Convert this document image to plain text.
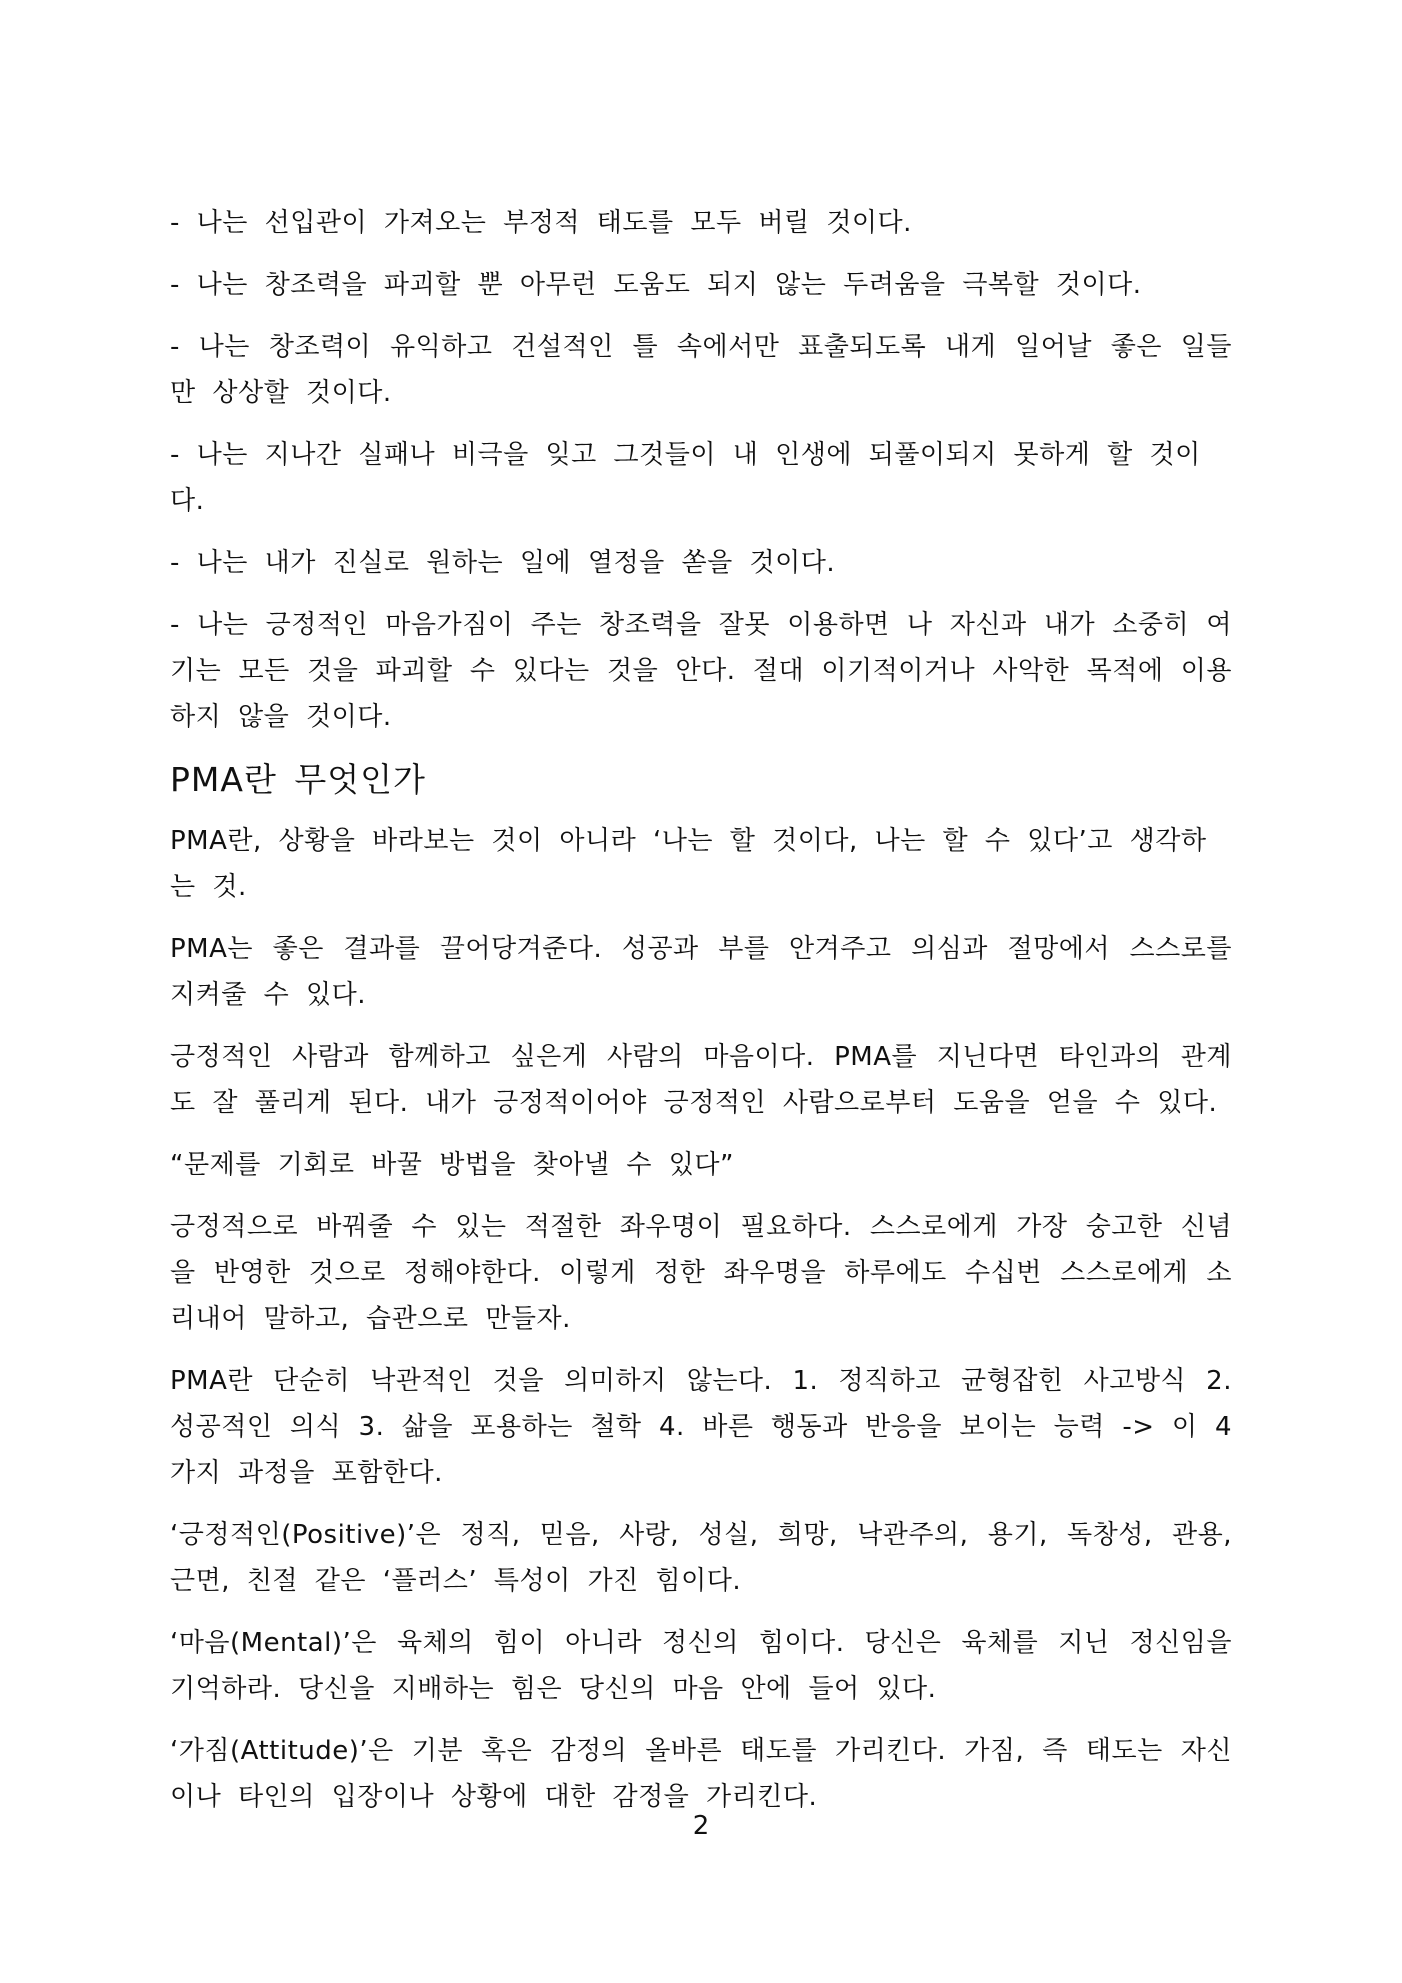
- 나는 선입관이 가져오는 부정적 태도를 모두 버릴 것이다.

- 나는 창조력을 파괴할 뿐 아무런 도움도 되지 않는 두려움을 극복할 것이다.

- 나는 창조력이 유익하고 건설적인 틀 속에서만 표출되도록 내게 일어날 좋은 일들만 상상할 것이다.

- 나는 지나간 실패나 비극을 잊고 그것들이 내 인생에 되풀이되지 못하게 할 것이다.

- 나는 내가 진실로 원하는 일에 열정을 쏟을 것이다.

- 나는 긍정적인 마음가짐이 주는 창조력을 잘못 이용하면 나 자신과 내가 소중히 여기는 모든 것을 파괴할 수 있다는 것을 안다. 절대 이기적이거나 사악한 목적에 이용하지 않을 것이다.

PMA란 무엇인가

PMA란, 상황을 바라보는 것이 아니라 ‘나는 할 것이다, 나는 할 수 있다’고 생각하는 것.

PMA는 좋은 결과를 끌어당겨준다. 성공과 부를 안겨주고 의심과 절망에서 스스로를 지켜줄 수 있다.

긍정적인 사람과 함께하고 싶은게 사람의 마음이다. PMA를 지닌다면 타인과의 관계도 잘 풀리게 된다. 내가 긍정적이어야 긍정적인 사람으로부터 도움을 얻을 수 있다.

“문제를 기회로 바꿀 방법을 찾아낼 수 있다”

긍정적으로 바꿔줄 수 있는 적절한 좌우명이 필요하다. 스스로에게 가장 숭고한 신념을 반영한 것으로 정해야한다. 이렇게 정한 좌우명을 하루에도 수십번 스스로에게 소리내어 말하고, 습관으로 만들자.

PMA란 단순히 낙관적인 것을 의미하지 않는다. 1. 정직하고 균형잡힌 사고방식 2. 성공적인 의식 3. 삶을 포용하는 철학 4. 바른 행동과 반응을 보이는 능력 -> 이 4가지 과정을 포함한다.

‘긍정적인(Positive)’은 정직, 믿음, 사랑, 성실, 희망, 낙관주의, 용기, 독창성, 관용, 근면, 친절 같은 ‘플러스’ 특성이 가진 힘이다.

‘마음(Mental)’은 육체의 힘이 아니라 정신의 힘이다. 당신은 육체를 지닌 정신임을 기억하라. 당신을 지배하는 힘은 당신의 마음 안에 들어 있다.

‘가짐(Attitude)’은 기분 혹은 감정의 올바른 태도를 가리킨다. 가짐, 즉 태도는 자신이나 타인의 입장이나 상황에 대한 감정을 가리킨다.

2
